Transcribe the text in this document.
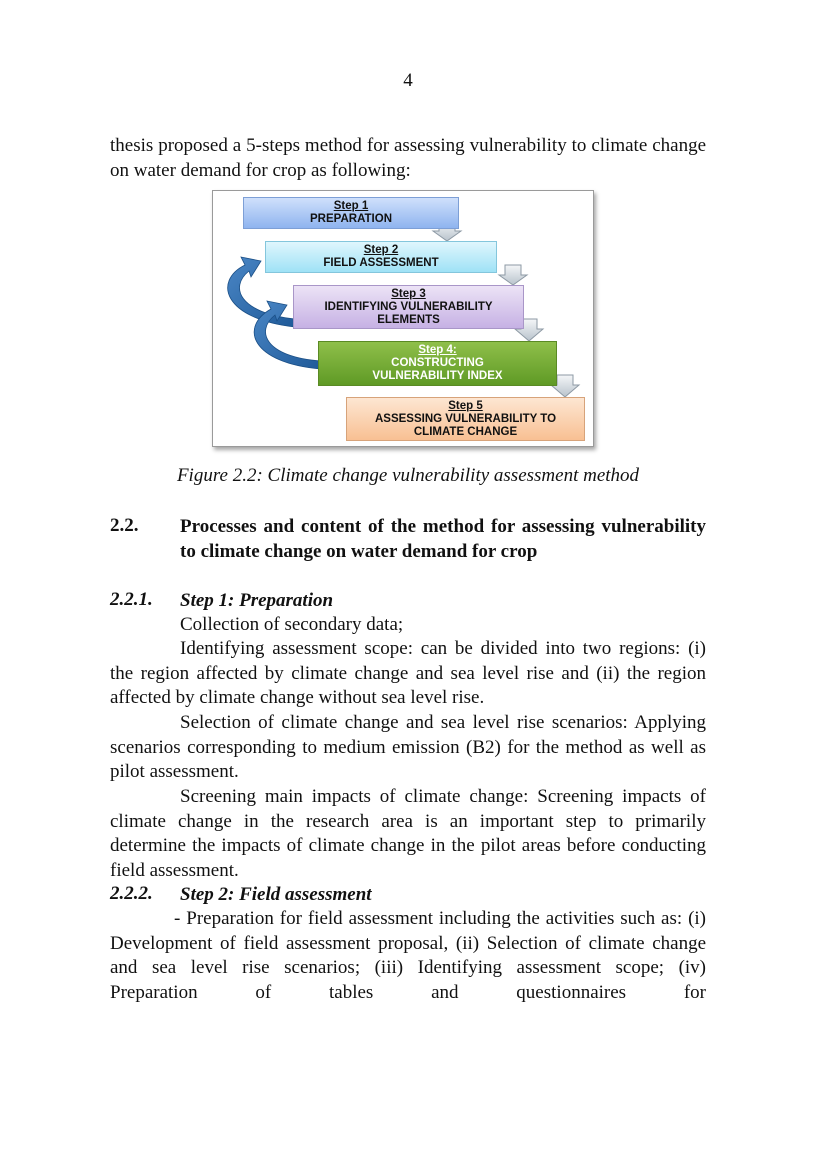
4

thesis proposed a 5-steps method for assessing vulnerability to climate change on water demand for crop as following:

Step 1
PREPARATION
Step 2
FIELD ASSESSMENT
Step 3
IDENTIFYING VULNERABILITY ELEMENTS
Step 4:
CONSTRUCTING VULNERABILITY INDEX
Step 5
ASSESSING VULNERABILITY TO CLIMATE CHANGE
Figure 2.2: Climate change vulnerability assessment method
2.2. Processes and content of the method for assessing vulnerability to climate change on water demand for crop
2.2.1. Step 1: Preparation

Collection of secondary data;

Identifying assessment scope: can be divided into two regions: (i) the region affected by climate change and sea level rise and (ii) the region affected by climate change without sea level rise.

Selection of climate change and sea level rise scenarios: Applying scenarios corresponding to medium emission (B2) for the method as well as pilot assessment.

Screening main impacts of climate change: Screening impacts of climate change in the research area is an important step to primarily determine the impacts of climate change in the pilot areas before conducting field assessment.

2.2.2. Step 2: Field assessment

- Preparation for field assessment including the activities such as: (i) Development of field assessment proposal, (ii) Selection of climate change and sea level rise scenarios; (iii) Identifying assessment scope; (iv) Preparation of tables and questionnaires for
